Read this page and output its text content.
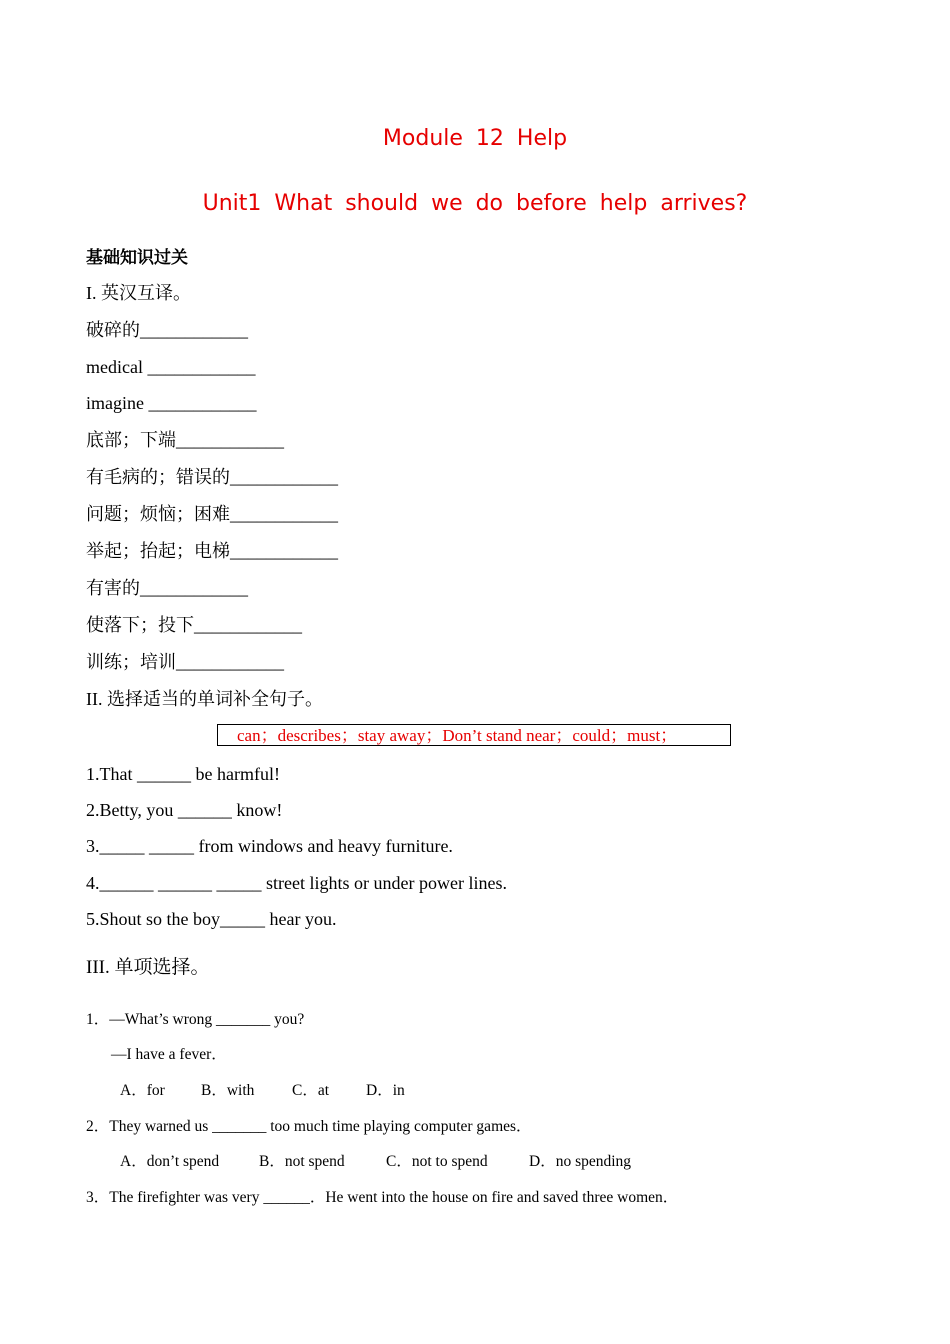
Module 12 Help
Unit1 What should we do before help arrives?
基础知识过关
I. 英汉互译。
破碎的____________
medical ____________
imagine ____________
底部；下端____________
有毛病的；错误的____________
问题；烦恼；困难____________
举起；抬起；电梯____________
有害的____________
使落下；投下____________
训练；培训____________
II. 选择适当的单词补全句子。
can；describes；stay away；Don’t stand near；could；must；
1.That ______ be harmful!
2.Betty, you ______ know!
3._____ _____ from windows and heavy furniture.
4.______ ______ _____ street lights or under power lines.
5.Shout so the boy_____ hear you.
III. 单项选择。
1．—What’s wrong _______ you?
—I have a fever．
A．for B．with C．at D．in
2．They warned us _______ too much time playing computer games．
A．don’t spend	B．not spend	C．not to spend	D．no spending
3．The firefighter was very ______．He went into the house on fire and saved three women．
